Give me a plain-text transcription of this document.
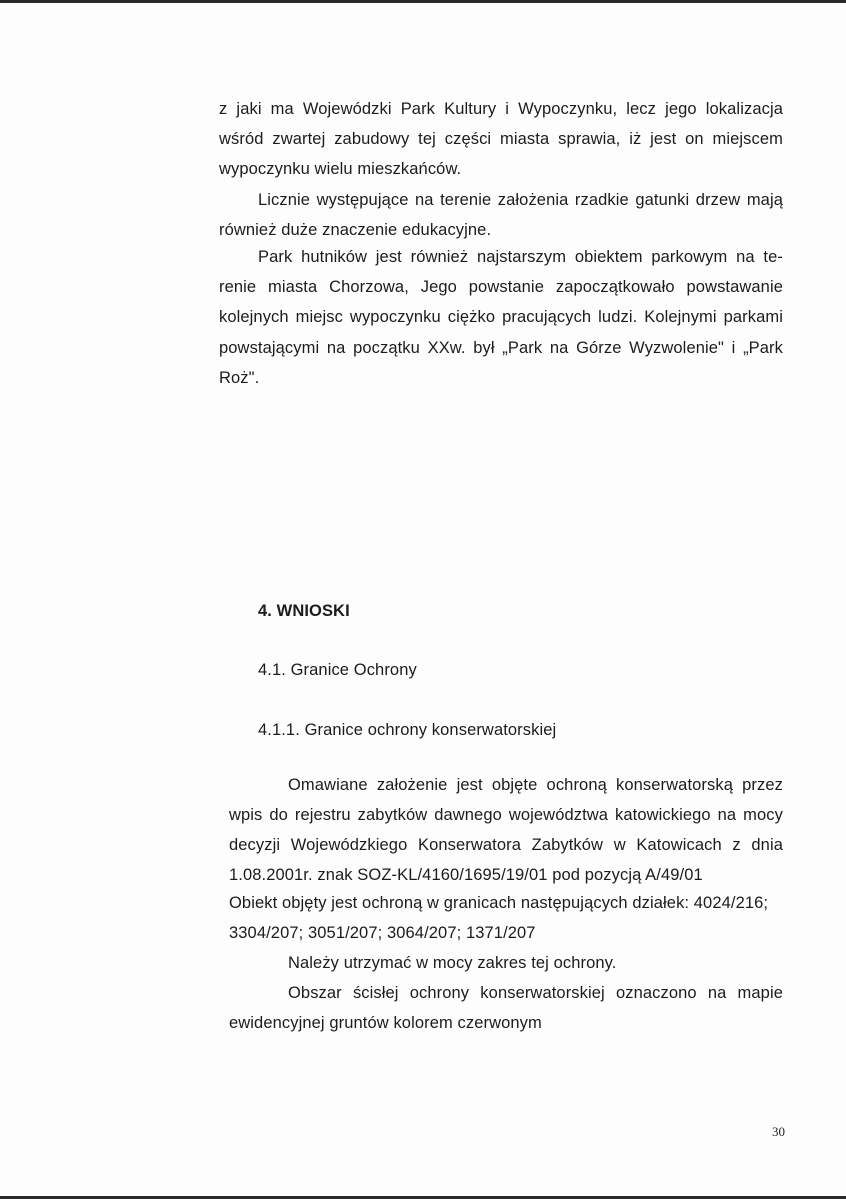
z jaki ma Wojewódzki Park Kultury i Wypoczynku, lecz jego lokalizacja
wśród zwartej zabudowy tej części miasta sprawia, iż jest on miejscem
wypoczynku wielu mieszkańców.
Licznie występujące na terenie założenia rzadkie gatunki drzew mają
również duże znaczenie edukacyjne.
Park hutników jest również najstarszym obiektem parkowym na te-
renie miasta Chorzowa, Jego powstanie zapoczątkowało powstawanie
kolejnych miejsc wypoczynku ciężko pracujących ludzi. Kolejnymi parkami
powstającymi na początku XXw. był „Park na Górze Wyzwolenie" i „Park
Roż".
4. WNIOSKI
4.1. Granice Ochrony
4.1.1. Granice ochrony konserwatorskiej
Omawiane założenie jest objęte ochroną konserwatorską przez
wpis do rejestru zabytków dawnego województwa katowickiego na mocy
decyzji Wojewódzkiego Konserwatora Zabytków w Katowicach z dnia
1.08.2001r. znak SOZ-KL/4160/1695/19/01 pod pozycją A/49/01
Obiekt objęty jest ochroną w granicach następujących działek: 4024/216;
3304/207; 3051/207; 3064/207; 1371/207
Należy utrzymać w mocy zakres tej ochrony.
Obszar ścisłej ochrony konserwatorskiej oznaczono na mapie
ewidencyjnej gruntów kolorem czerwonym
30
